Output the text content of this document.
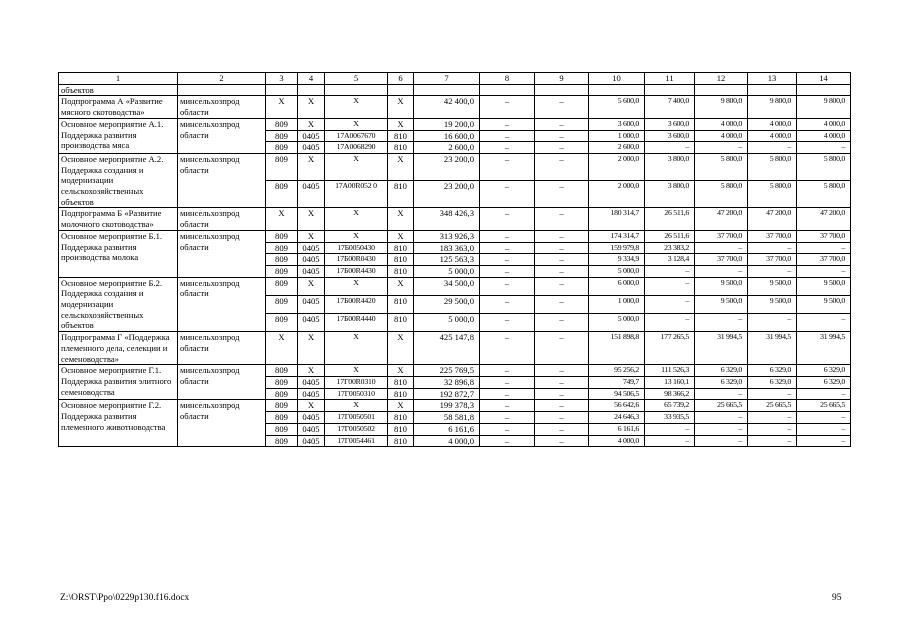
1	2	3	4	5	6	7	8	9	10	11	12	13	14
объектов													
Подпрограмма А «Развитие мясного скотоводства»	минсельхозпрод области	Х	Х	Х	Х	42 400,0	–	–	5 600,0	7 400,0	9 800,0	9 800,0	9 800,0
Основное мероприятие А.1. Поддержка развития производства мяса	минсельхозпрод области	809	Х	Х	Х	19 200,0	–	–	3 600,0	3 600,0	4 000,0	4 000,0	4 000,0
		809	0405	17А0067670	810	16 600,0	–	–	1 000,0	3 600,0	4 000,0	4 000,0	4 000,0
		809	0405	17А0068290	810	2 600,0	–	–	2 600,0	–	–	–	–
Основное мероприятие А.2. Поддержка создания и модернизации сельскохозяйственных объектов	минсельхозпрод области	809	Х	Х	Х	23 200,0	–	–	2 000,0	3 800,0	5 800,0	5 800,0	5 800,0
		809	0405	17А00R052 0	810	23 200,0	–	–	2 000,0	3 800,0	5 800,0	5 800,0	5 800,0
Подпрограмма Б «Развитие молочного скотоводства»	минсельхозпрод области	Х	Х	Х	Х	348 426,3	–	–	180 314,7	26 511,6	47 200,0	47 200,0	47 200,0
Основное мероприятие Б.1. Поддержка развития производства молока	минсельхозпрод области	809	Х	Х	Х	313 926,3	–	–	174 314,7	26 511,6	37 700,0	37 700,0	37 700,0
		809	0405	17Б0050430	810	183 363,0	–	–	159 979,8	23 383,2	–	–	–
		809	0405	17Б00R0430	810	125 563,3	–	–	9 334,9	3 128,4	37 700,0	37 700,0	37 700,0
		809	0405	17Б00R4430	810	5 000,0	–	–	5 000,0	–	–	–	–
Основное мероприятие Б.2. Поддержка создания и модернизации сельскохозяйственных объектов	минсельхозпрод области	809	Х	Х	Х	34 500,0	–	–	6 000,0	–	9 500,0	9 500,0	9 500,0
		809	0405	17Б00R4420	810	29 500,0	–	–	1 000,0	–	9 500,0	9 500,0	9 500,0
		809	0405	17Б00R4440	810	5 000,0	–	–	5 000,0	–	–	–	–
Подпрограмма Г «Поддержка племенного дела, селекции и семеноводства»	минсельхозпрод области	Х	Х	Х	Х	425 147,8	–	–	151 898,8	177 265,5	31 994,5	31 994,5	31 994,5
Основное мероприятие Г.1. Поддержка развития элитного семеноводства	минсельхозпрод области	809	Х	Х	Х	225 769,5	–	–	95 256,2	111 526,3	6 329,0	6 329,0	6 329,0
		809	0405	17Г00R0310	810	32 896,8	–	–	749,7	13 160,1	6 329,0	6 329,0	6 329,0
		809	0405	17Г0050310	810	192 872,7	–	–	94 506,5	98 366,2	–	–	–
Основное мероприятие Г.2. Поддержка развития племенного животноводства	минсельхозпрод области	809	Х	Х	Х	199 378,3	–	–	56 642,6	65 739,2	25 665,5	25 665,5	25 665,5
		809	0405	17Г0050501	810	58 581,8	–	–	24 646,3	33 935,5	–	–	–
		809	0405	17Г0050502	810	6 161,6	–	–	6 161,6	–	–	–	–
		809	0405	17Г0054461	810	4 000,0	–	–	4 000,0	–	–	–	–
Z:\ORST\Ppo\0229p130.f16.docx	95
